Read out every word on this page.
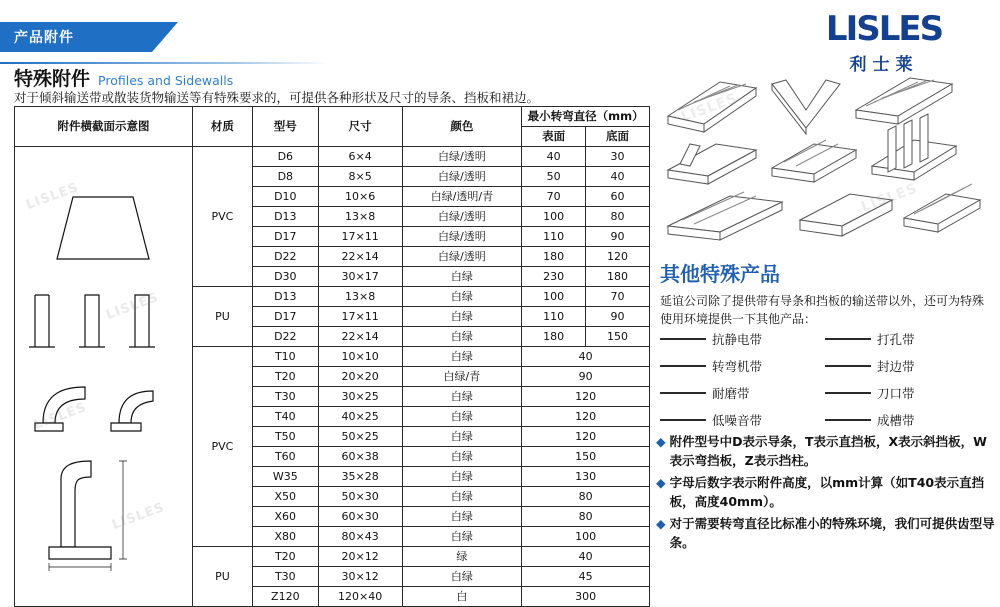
产品附件	LISLES
利士莱
特殊附件 Profiles and Sidewalls
对于倾斜输送带或散装货物输送等有特殊要求的，可提供各种形状及尺寸的导条、挡板和裙边。
附件横截面示意图	材质	型号	尺寸	颜色	最小转弯直径（mm）	
					表面	底面

LISLES
LISLES
LISLES
LISLES	PVC	D6	6×4	白绿/透明	40	30
		D8	8×5	白绿/透明	50	40
		D10	10×6	白绿/透明/青	70	60
		D13	13×8	白绿/透明	100	80
		D17	17×11	白绿/透明	110	90
		D22	22×14	白绿/透明	180	120
		D30	30×17	白绿	230	180
	PU	D13	13×8	白绿	100	70
		D17	17×11	白绿	110	90
		D22	22×14	白绿	180	150
	PVC	T10	10×10	白绿	40	
		T20	20×20	白绿/青	90	
		T30	30×25	白绿	120	
		T40	40×25	白绿	120	
		T50	50×25	白绿	120	
		T60	60×38	白绿	150	
		W35	35×28	白绿	130	
		X50	50×30	白绿	80	
		X60	60×30	白绿	80	
		X80	80×43	白绿	100	
	PU	T20	20×12	绿	40	
		T30	30×12	白绿	45	
		Z120	120×40	白	300	
LISLES
其他特殊产品
延谊公司除了提供带有导条和挡板的输送带以外，还可为特殊使用环境提供一下其他产品：
抗静电带	打孔带
转弯机带	封边带
耐磨带	刀口带
低噪音带	成槽带
◆ 附件型号中D表示导条，T表示直挡板，X表示斜挡板，W表示弯挡板，Z表示挡柱。
◆ 字母后数字表示附件高度，以mm计算（如T40表示直挡板，高度40mm）。
◆ 对于需要转弯直径比标准小的特殊环境，我们可提供齿型导条。
